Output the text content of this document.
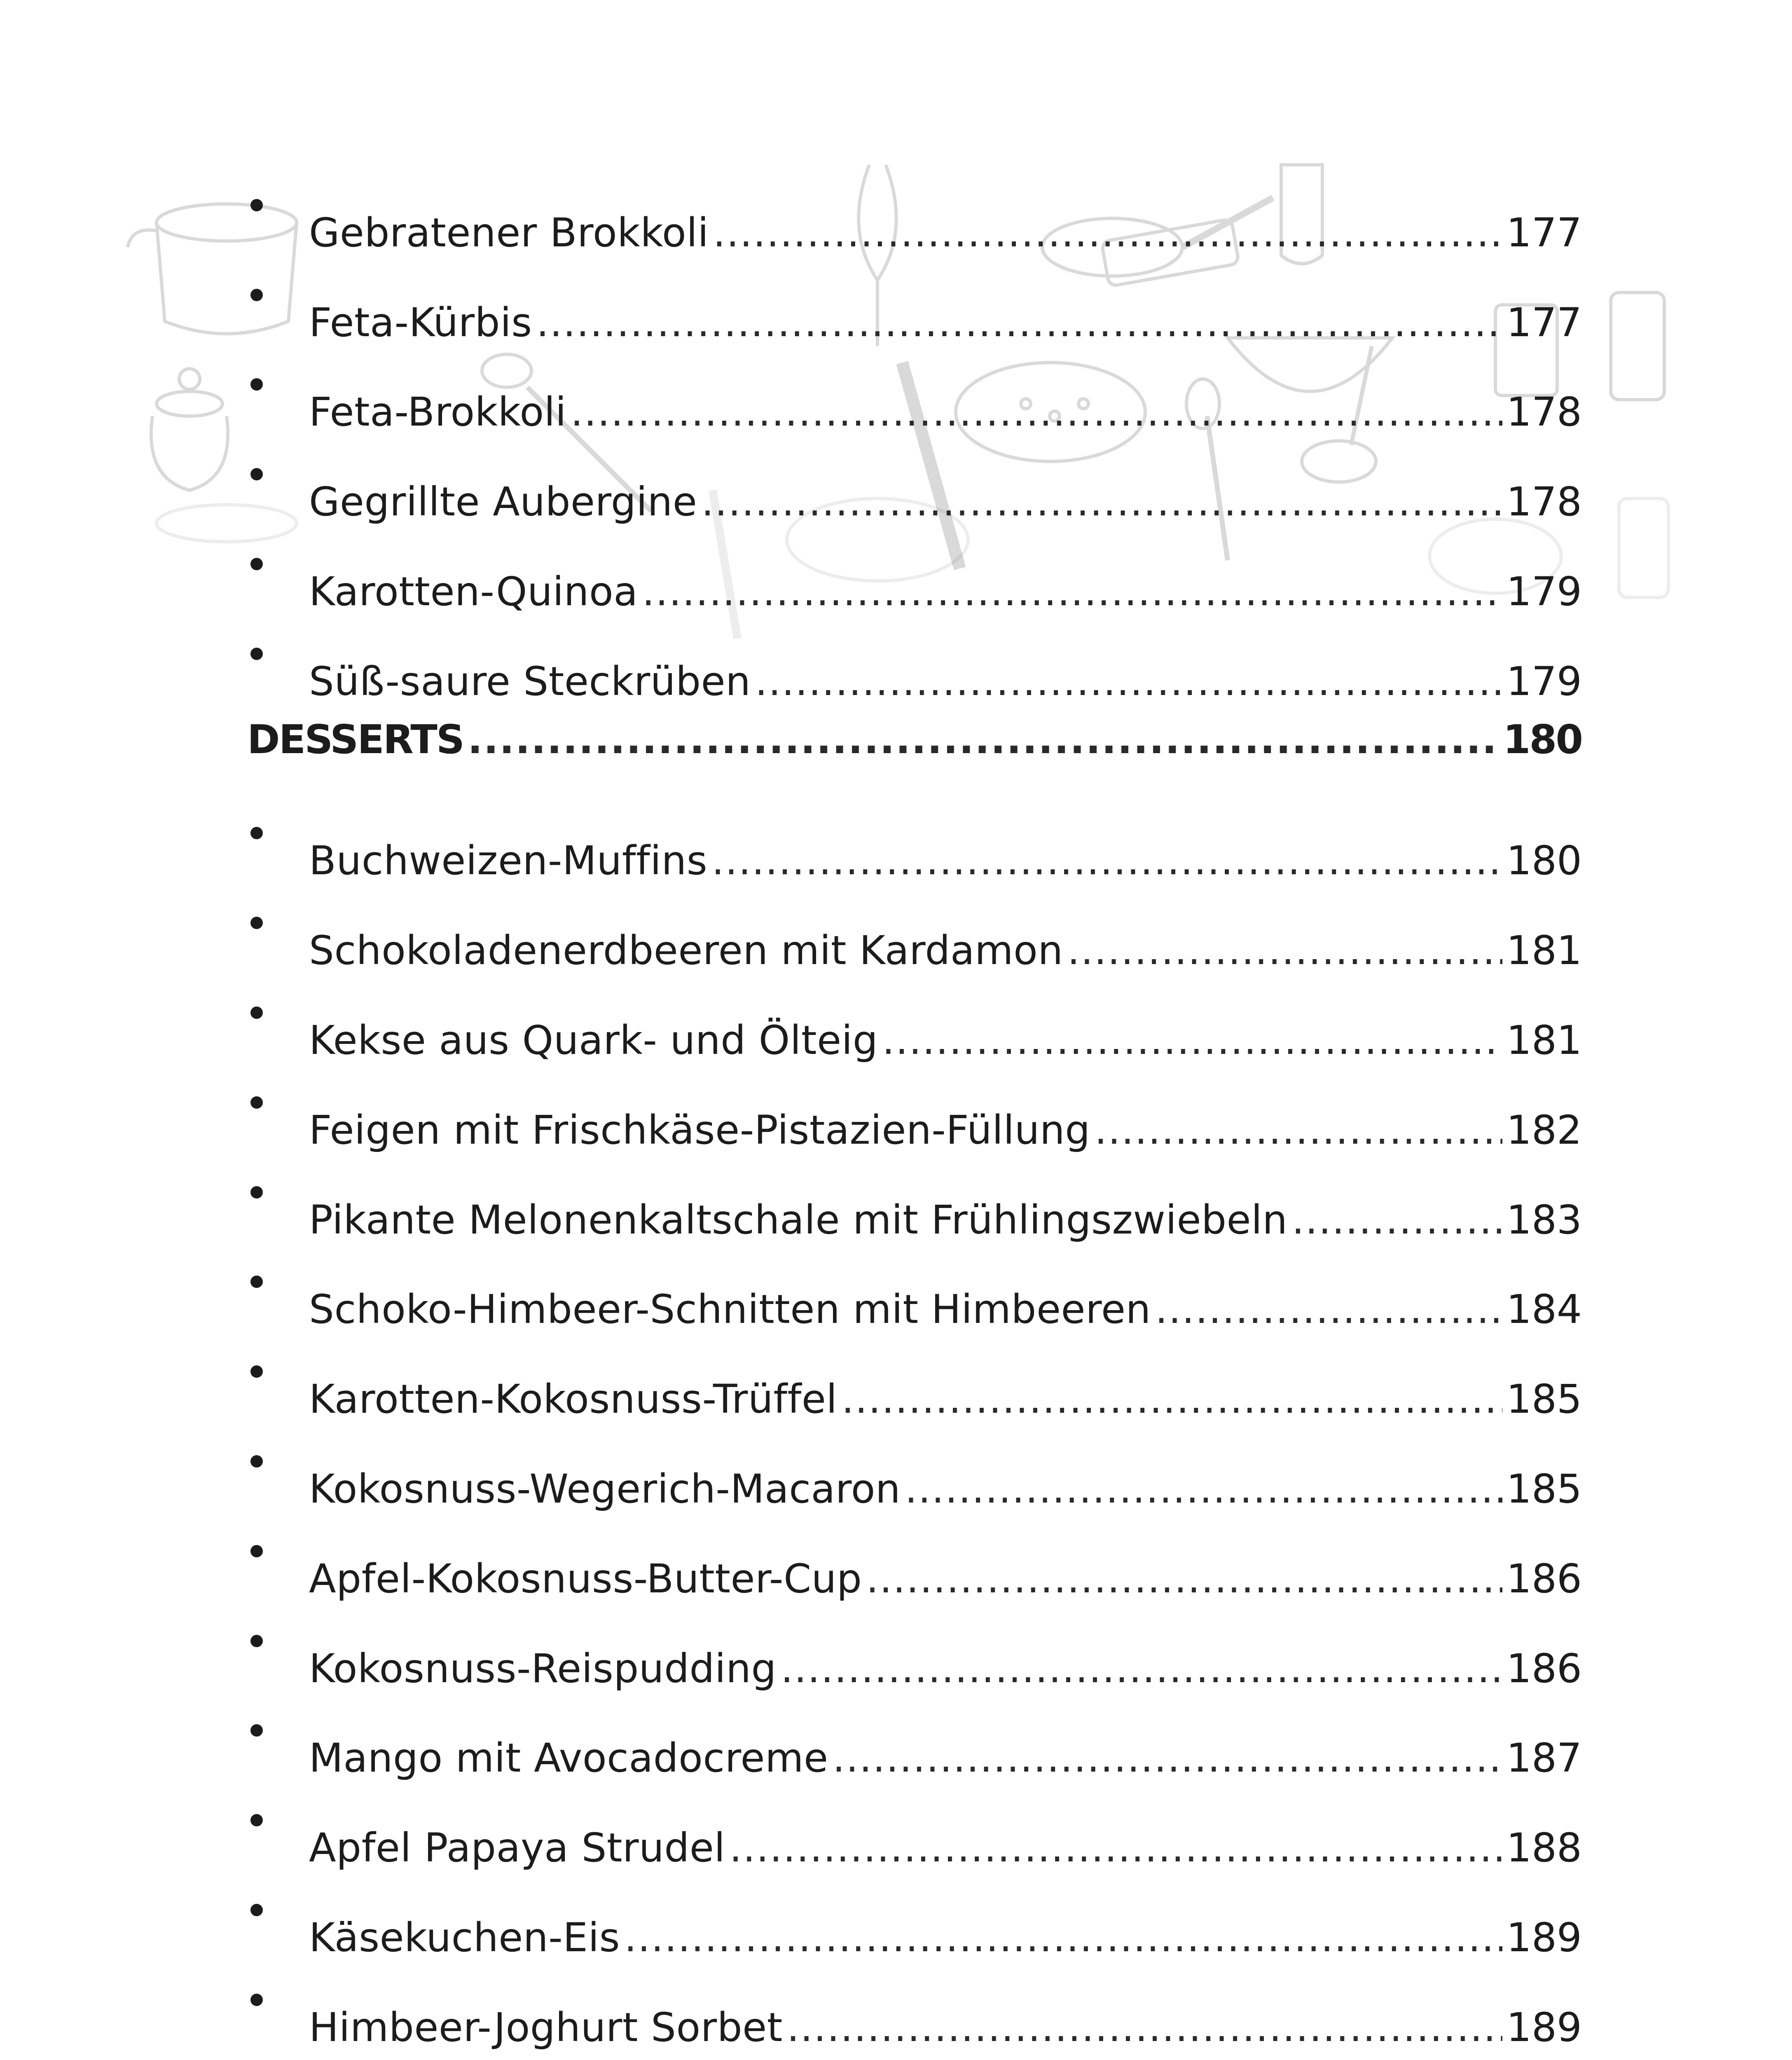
Gebratener Brokkoli .....	177
Feta-Kürbis .....	177
Feta-Brokkoli .....	178
Gegrillte Aubergine .....	178
Karotten-Quinoa .....	179
Süß-saure Steckrüben .....	179
DESSERTS .....	180
Buchweizen-Muffins .....	180
Schokoladenerdbeeren mit Kardamon .....	181
Kekse aus Quark- und Ölteig .....	181
Feigen mit Frischkäse-Pistazien-Füllung .....	182
Pikante Melonenkaltschale mit Frühlingszwiebeln .....	183
Schoko-Himbeer-Schnitten mit Himbeeren .....	184
Karotten-Kokosnuss-Trüffel .....	185
Kokosnuss-Wegerich-Macaron .....	185
Apfel-Kokosnuss-Butter-Cup .....	186
Kokosnuss-Reispudding .....	186
Mango mit Avocadocreme .....	187
Apfel Papaya Strudel .....	188
Käsekuchen-Eis .....	189
Himbeer-Joghurt Sorbet .....	189
